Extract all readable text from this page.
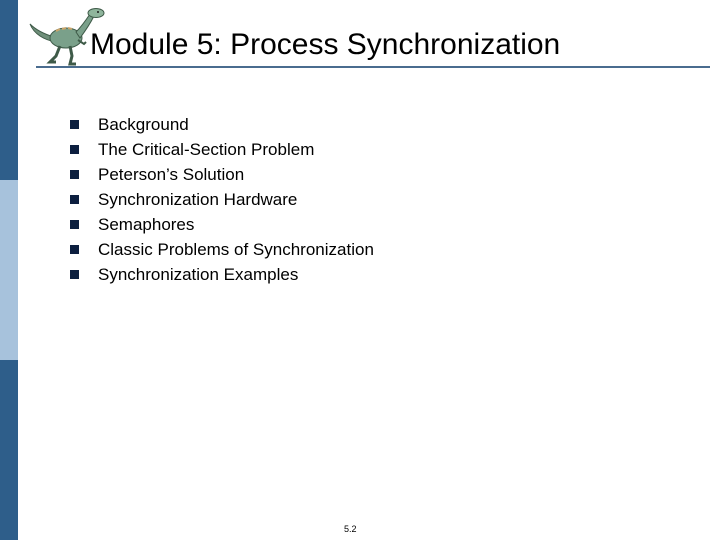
Module 5: Process Synchronization
Background
The Critical-Section Problem
Peterson’s Solution
Synchronization Hardware
Semaphores
Classic Problems of Synchronization
Synchronization Examples
5.2
